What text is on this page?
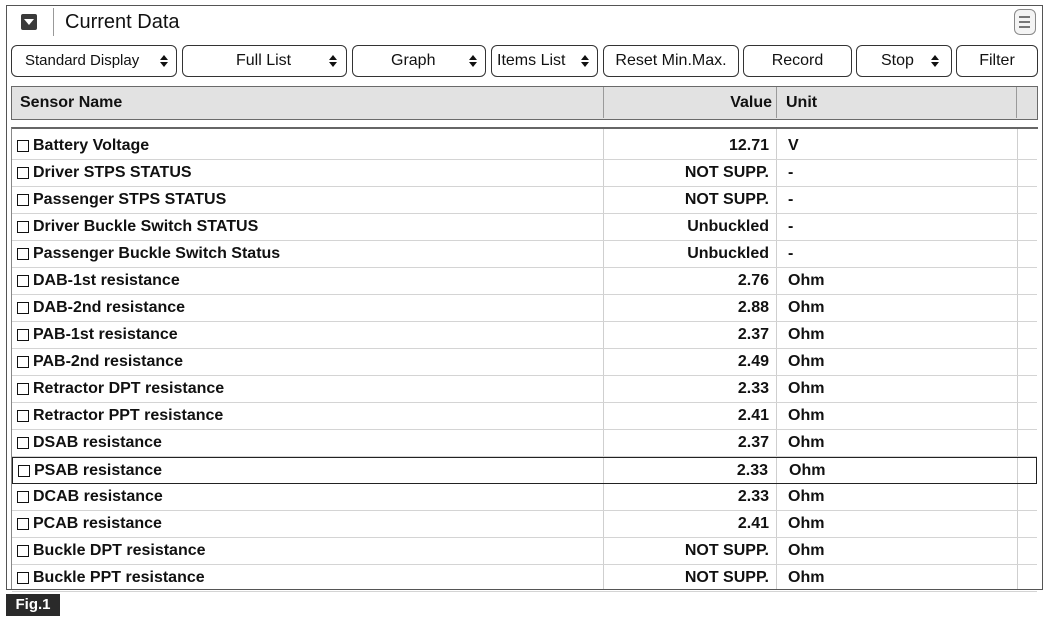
Current Data
Standard Display	Full List	Graph	Items List	Reset Min.Max.	Record	Stop	Filter
Sensor Name	Value Unit
Battery Voltage	12.71 V
Driver STPS STATUS	NOT SUPP. -
Passenger STPS STATUS	NOT SUPP. -
Driver Buckle Switch STATUS	Unbuckled -
Passenger Buckle Switch Status	Unbuckled -
DAB-1st resistance	2.76 Ohm
DAB-2nd resistance	2.88 Ohm
PAB-1st resistance	2.37 Ohm
PAB-2nd resistance	2.49 Ohm
Retractor DPT resistance	2.33 Ohm
Retractor PPT resistance	2.41 Ohm
DSAB resistance	2.37 Ohm
PSAB resistance	2.33 Ohm
DCAB resistance	2.33 Ohm
PCAB resistance	2.41 Ohm
Buckle DPT resistance	NOT SUPP. Ohm
Buckle PPT resistance	NOT SUPP. Ohm
Fig.1
